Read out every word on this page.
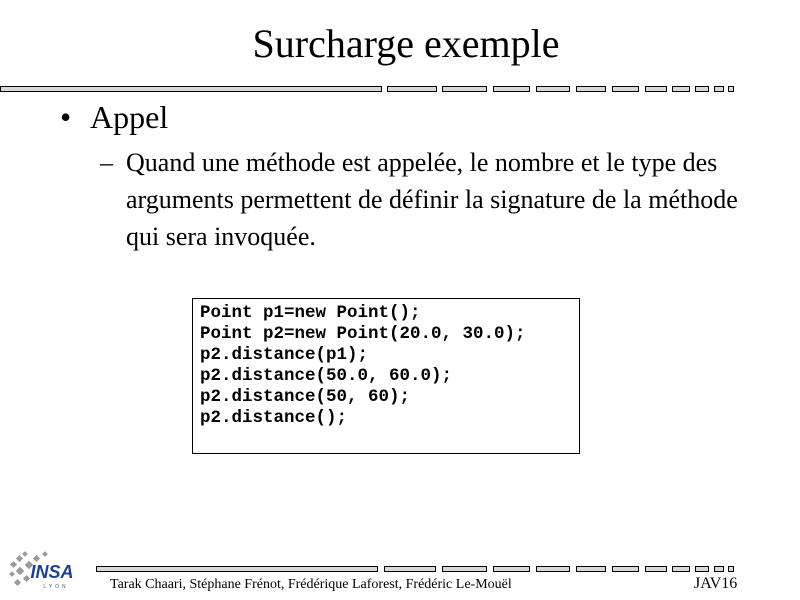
Surcharge exemple
• Appel
– Quand une méthode est appelée, le nombre et le type des arguments permettent de définir la signature de la méthode qui sera invoquée.
Point p1=new Point();
Point p2=new Point(20.0, 30.0);
p2.distance(p1);
p2.distance(50.0, 60.0);
p2.distance(50, 60);
p2.distance();
INSA
LYON	Tarak Chaari, Stéphane Frénot, Frédérique Laforest, Frédéric Le-Mouël	JAV16
